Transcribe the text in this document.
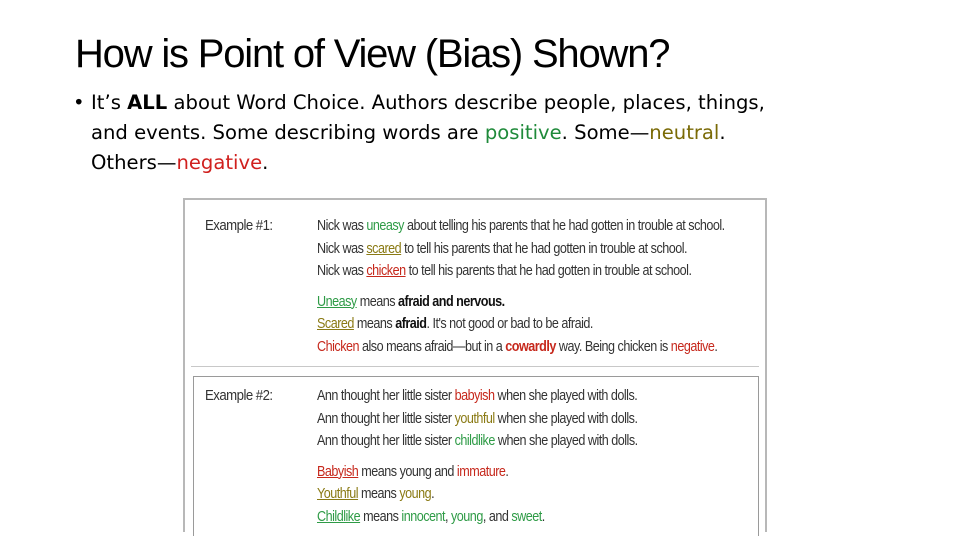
How is Point of View (Bias) Shown?
• It’s ALL about Word Choice. Authors describe people, places, things,
and events. Some describing words are positive. Some—neutral.
Others—negative.
Example #1:	Nick was uneasy about telling his parents that he had gotten in trouble at school.
Nick was scared to tell his parents that he had gotten in trouble at school.
Nick was chicken to tell his parents that he had gotten in trouble at school.
Uneasy means afraid and nervous.
Scared means afraid. It's not good or bad to be afraid.
Chicken also means afraid—but in a cowardly way. Being chicken is negative.
Example #2:	Ann thought her little sister babyish when she played with dolls.
Ann thought her little sister youthful when she played with dolls.
Ann thought her little sister childlike when she played with dolls.
Babyish means young and immature.
Youthful means young.
Childlike means innocent, young, and sweet.
